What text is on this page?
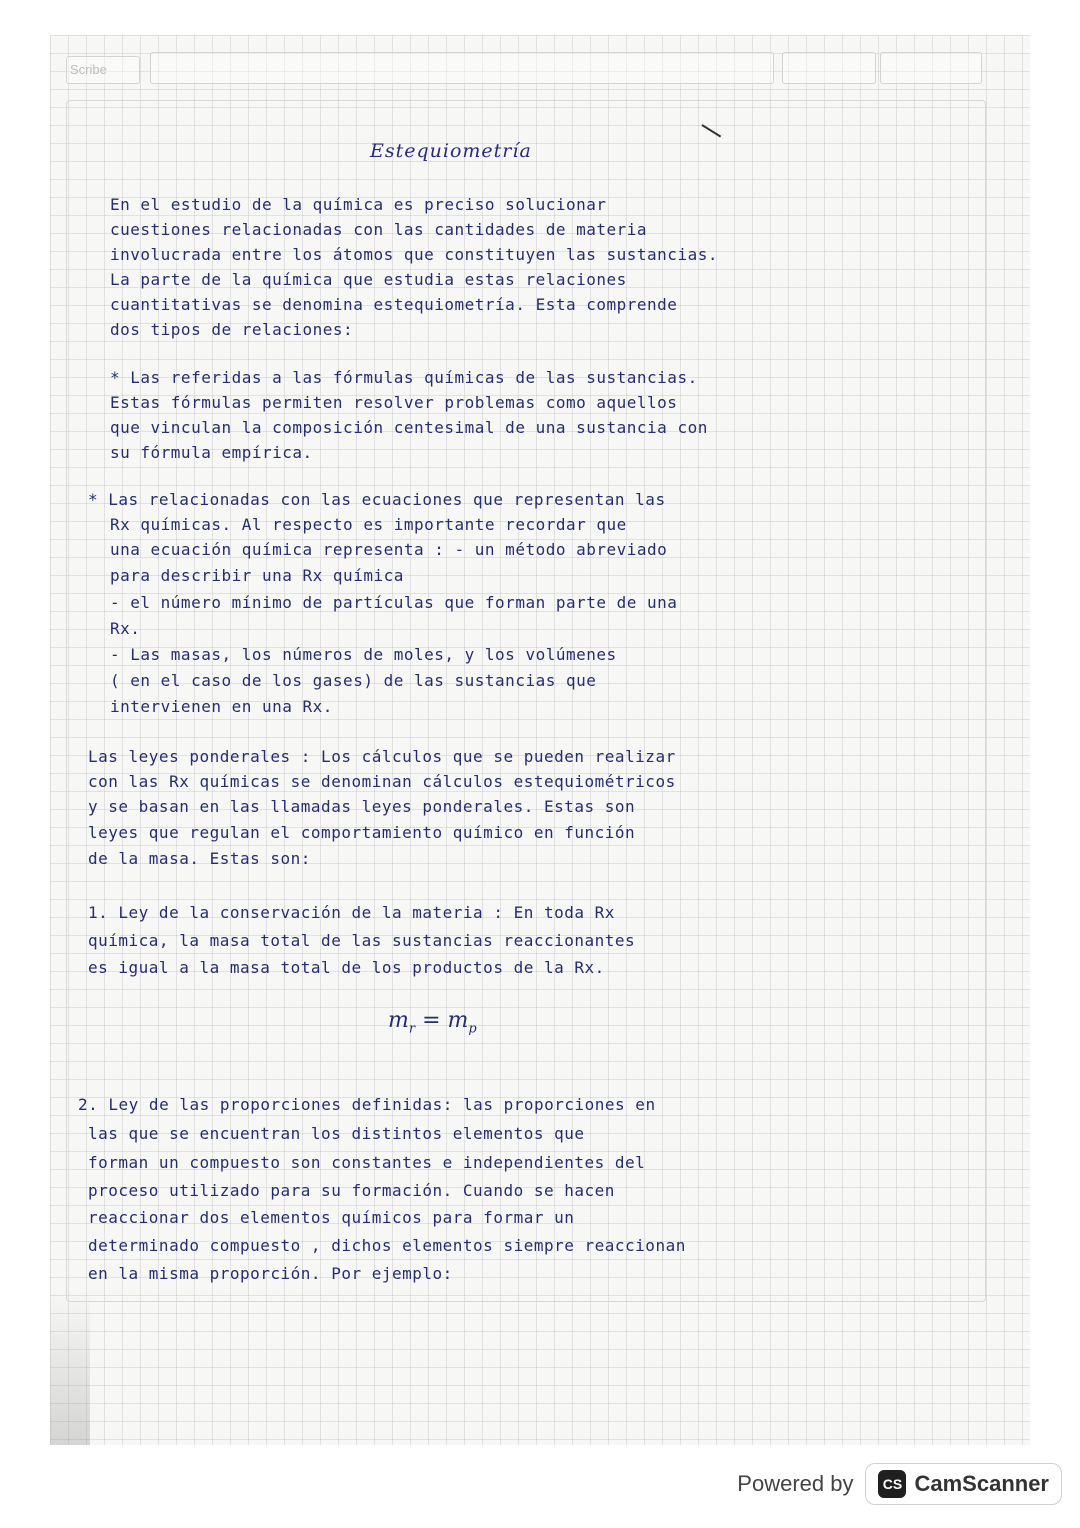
Scribe
Estequiometría
En el estudio de la química es preciso solucionar
cuestiones relacionadas con las cantidades de materia
involucrada entre los átomos que constituyen las sustancias.
La parte de la química que estudia estas relaciones
cuantitativas se denomina estequiometría. Esta comprende
dos tipos de relaciones:
* Las referidas a las fórmulas químicas de las sustancias.
Estas fórmulas permiten resolver problemas como aquellos
que vinculan la composición centesimal de una sustancia con
su fórmula empírica.
* Las relacionadas con las ecuaciones que representan las
Rx químicas. Al respecto es importante recordar que
una ecuación química representa : - un método abreviado
para describir una Rx química
- el número mínimo de partículas que forman parte de una
Rx.
- Las masas, los números de moles, y los volúmenes
( en el caso de los gases) de las sustancias que
intervienen en una Rx.
Las leyes ponderales : Los cálculos que se pueden realizar
con las Rx químicas se denominan cálculos estequiométricos
y se basan en las llamadas leyes ponderales. Estas son
leyes que regulan el comportamiento químico en función
de la masa. Estas son:
1. Ley de la conservación de la materia : En toda Rx
química, la masa total de las sustancias reaccionantes
es igual a la masa total de los productos de la Rx.
$m_r = m_p$
2. Ley de las proporciones definidas: las proporciones en
las que se encuentran los distintos elementos que
forman un compuesto son constantes e independientes del
proceso utilizado para su formación. Cuando se hacen
reaccionar dos elementos químicos para formar un
determinado compuesto , dichos elementos siempre reaccionan
en la misma proporción. Por ejemplo:
Powered by	CS CamScanner
